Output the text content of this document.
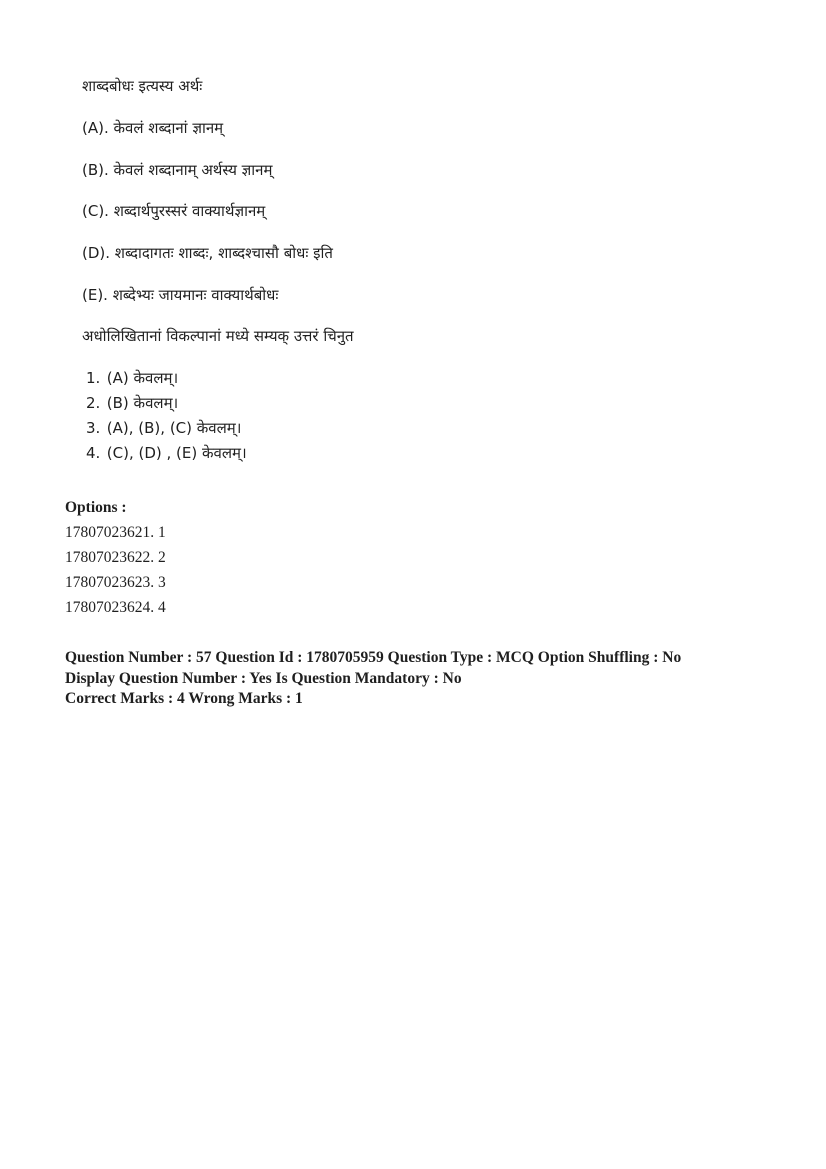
शाब्दबोधः इत्यस्य अर्थः
(A). केवलं शब्दानां ज्ञानम्
(B). केवलं शब्दानाम् अर्थस्य ज्ञानम्
(C). शब्दार्थपुरस्सरं वाक्यार्थज्ञानम्
(D). शब्दादागतः शाब्दः, शाब्दश्चासौ बोधः इति
(E). शब्देभ्यः जायमानः वाक्यार्थबोधः
अधोलिखितानां विकल्पानां मध्ये सम्यक् उत्तरं चिनुत
1. (A) केवलम्।
2. (B) केवलम्।
3. (A), (B), (C) केवलम्।
4. (C), (D) , (E) केवलम्।
Options :
17807023621. 1
17807023622. 2
17807023623. 3
17807023624. 4
Question Number : 57 Question Id : 1780705959 Question Type : MCQ Option Shuffling : No
Display Question Number : Yes Is Question Mandatory : No
Correct Marks : 4 Wrong Marks : 1
